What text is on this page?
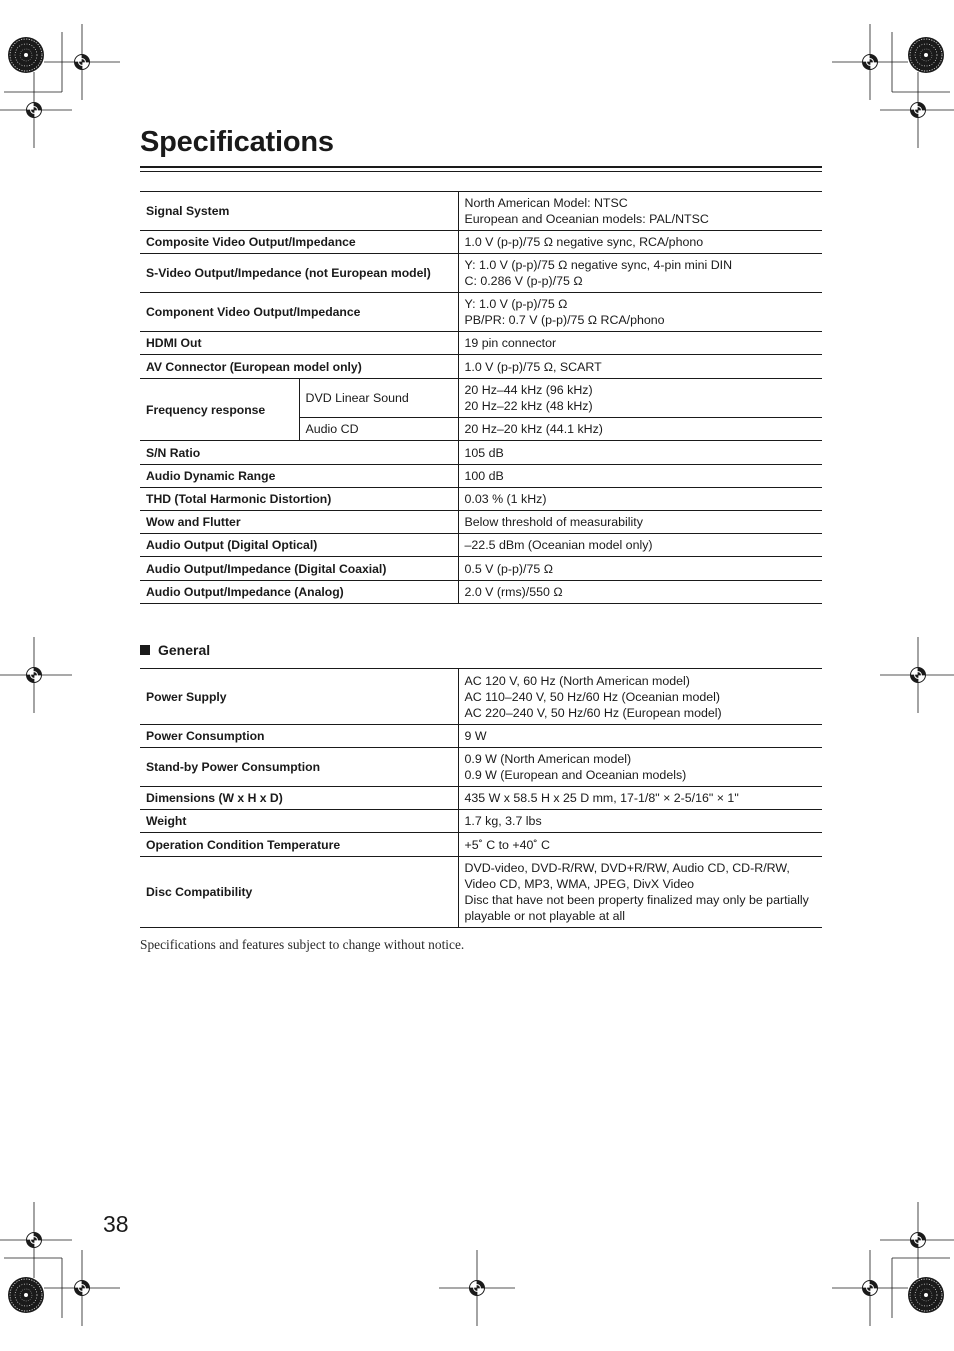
Specifications
Signal System		North American Model: NTSC
European and Oceanian models: PAL/NTSC

Composite Video Output/Impedance		1.0 V (p-p)/75 Ω negative sync, RCA/phono

S-Video Output/Impedance (not European model)		Y: 1.0 V (p-p)/75 Ω negative sync, 4-pin mini DIN
C: 0.286 V (p-p)/75 Ω

Component Video Output/Impedance		Y: 1.0 V (p-p)/75 Ω
PB/PR: 0.7 V (p-p)/75 Ω RCA/phono

HDMI Out		19 pin connector

AV Connector (European model only)		1.0 V (p-p)/75 Ω, SCART

Frequency response	DVD Linear Sound	20 Hz–44 kHz (96 kHz)
20 Hz–22 kHz (48 kHz)

	Audio CD	20 Hz–20 kHz (44.1 kHz)

S/N Ratio		105 dB

Audio Dynamic Range		100 dB

THD (Total Harmonic Distortion)		0.03 % (1 kHz)

Wow and Flutter		Below threshold of measurability

Audio Output (Digital Optical)		–22.5 dBm (Oceanian model only)

Audio Output/Impedance (Digital Coaxial)		0.5 V (p-p)/75 Ω

Audio Output/Impedance (Analog)		2.0 V (rms)/550 Ω
General
Power Supply	AC 120 V, 60 Hz (North American model)
AC 110–240 V, 50 Hz/60 Hz (Oceanian model)
AC 220–240 V, 50 Hz/60 Hz (European model)

Power Consumption	9 W

Stand-by Power Consumption	0.9 W (North American model)
0.9 W (European and Oceanian models)

Dimensions (W x H x D)	435 W x 58.5 H x 25 D mm, 17-1/8" × 2-5/16" × 1"

Weight	1.7 kg, 3.7 lbs

Operation Condition Temperature	+5˚ C to +40˚ C

Disc Compatibility	DVD-video, DVD-R/RW, DVD+R/RW, Audio CD, CD-R/RW,
Video CD, MP3, WMA, JPEG, DivX Video
Disc that have not been property finalized may only be partially
playable or not playable at all
Specifications and features subject to change without notice.
38
